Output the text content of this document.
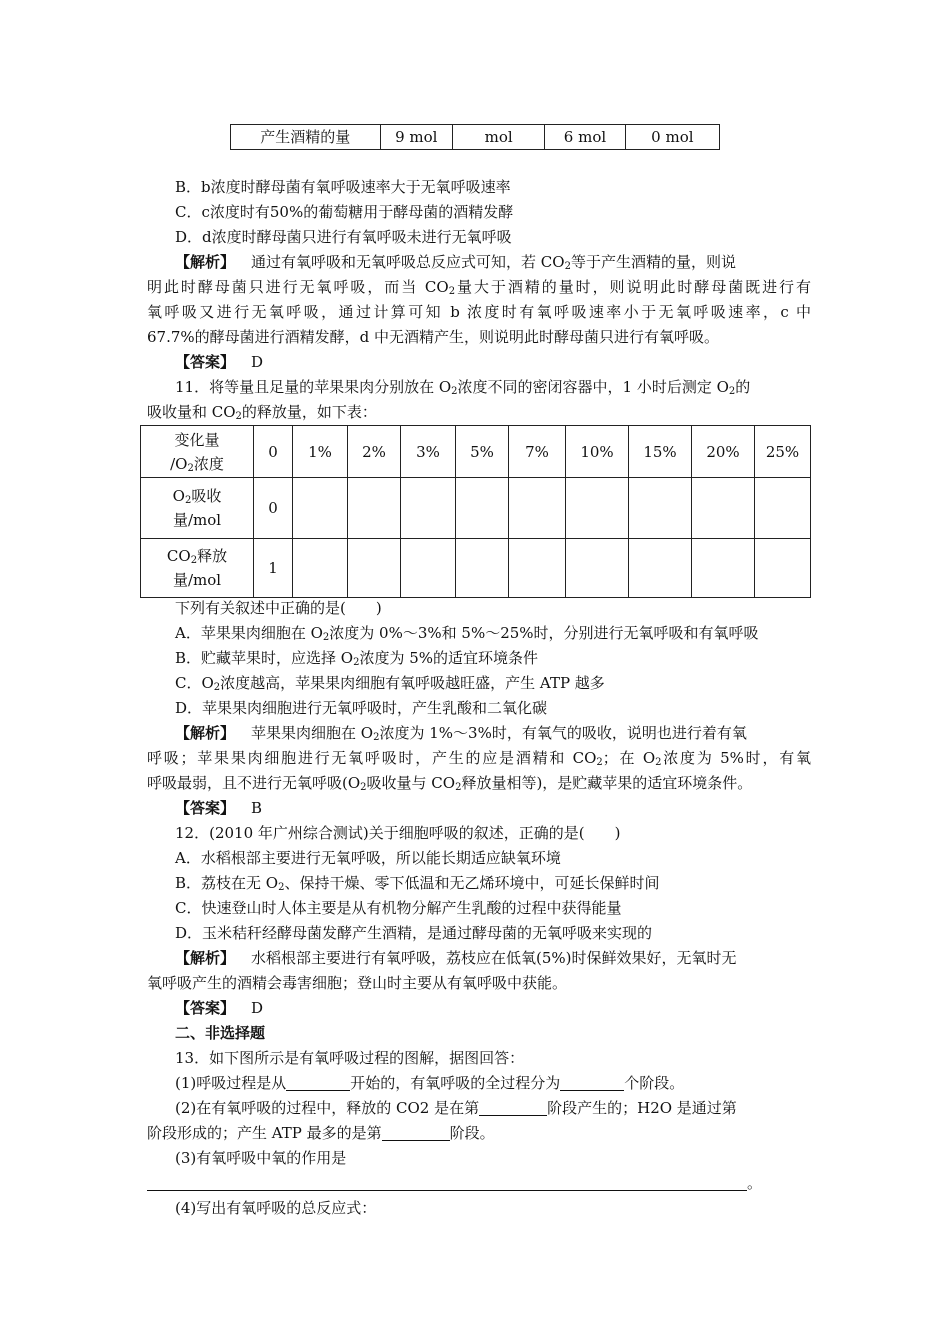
产生酒精的量	9 mol	mol	6 mol	0 mol
B．b浓度时酵母菌有氧呼吸速率大于无氧呼吸速率
C．c浓度时有50%的葡萄糖用于酵母菌的酒精发酵
D．d浓度时酵母菌只进行有氧呼吸未进行无氧呼吸
【解析】 通过有氧呼吸和无氧呼吸总反应式可知，若 $CO_2$等于产生酒精的量，则说
明此时酵母菌只进行无氧呼吸，而当 $CO_2$量大于酒精的量时，则说明此时酵母菌既进行有
氧呼吸又进行无氧呼吸，通过计算可知 b 浓度时有氧呼吸速率小于无氧呼吸速率，c 中
67.7%的酵母菌进行酒精发酵，d 中无酒精产生，则说明此时酵母菌只进行有氧呼吸。
【答案】 D
11．将等量且足量的苹果果肉分别放在 $O_2$浓度不同的密闭容器中，1 小时后测定 $O_2$的
吸收量和 $CO_2$的释放量，如下表：
变化量
$/O_2$浓度	0	1%	2%	3%	5%	7%	10%	15%	20%	25%
$O_2$吸收
量/mol	0									
$CO_2$释放
量/mol	1									
下列有关叙述中正确的是(　　)
A．苹果果肉细胞在 $O_2$浓度为 0%～3%和 5%～25%时，分别进行无氧呼吸和有氧呼吸
B．贮藏苹果时，应选择 $O_2$浓度为 5%的适宜环境条件
C．$O_2$浓度越高，苹果果肉细胞有氧呼吸越旺盛，产生 ATP 越多
D．苹果果肉细胞进行无氧呼吸时，产生乳酸和二氧化碳
【解析】 苹果果肉细胞在 $O_2$浓度为 1%～3%时，有氧气的吸收，说明也进行着有氧
呼吸；苹果果肉细胞进行无氧呼吸时，产生的应是酒精和 $CO_2$；在 $O_2$浓度为 5%时，有氧
呼吸最弱，且不进行无氧呼吸($O_2$吸收量与 $CO_2$释放量相等)，是贮藏苹果的适宜环境条件。
【答案】 B
12．(2010 年广州综合测试)关于细胞呼吸的叙述，正确的是(　　)
A．水稻根部主要进行无氧呼吸，所以能长期适应缺氧环境
B．荔枝在无 $O_2$、保持干燥、零下低温和无乙烯环境中，可延长保鲜时间
C．快速登山时人体主要是从有机物分解产生乳酸的过程中获得能量
D．玉米秸秆经酵母菌发酵产生酒精，是通过酵母菌的无氧呼吸来实现的
【解析】 水稻根部主要进行有氧呼吸，荔枝应在低氧(5%)时保鲜效果好，无氧时无
氧呼吸产生的酒精会毒害细胞；登山时主要从有氧呼吸中获能。
【答案】 D
二、非选择题
13．如下图所示是有氧呼吸过程的图解，据图回答：
(1)呼吸过程是从	开始的，有氧呼吸的全过程分为	个阶段。
(2)在有氧呼吸的过程中，释放的 CO2 是在第	阶段产生的；H2O 是通过第
阶段形成的；产生 ATP 最多的是第	阶段。
(3)有氧呼吸中氧的作用是
。
(4)写出有氧呼吸的总反应式：
